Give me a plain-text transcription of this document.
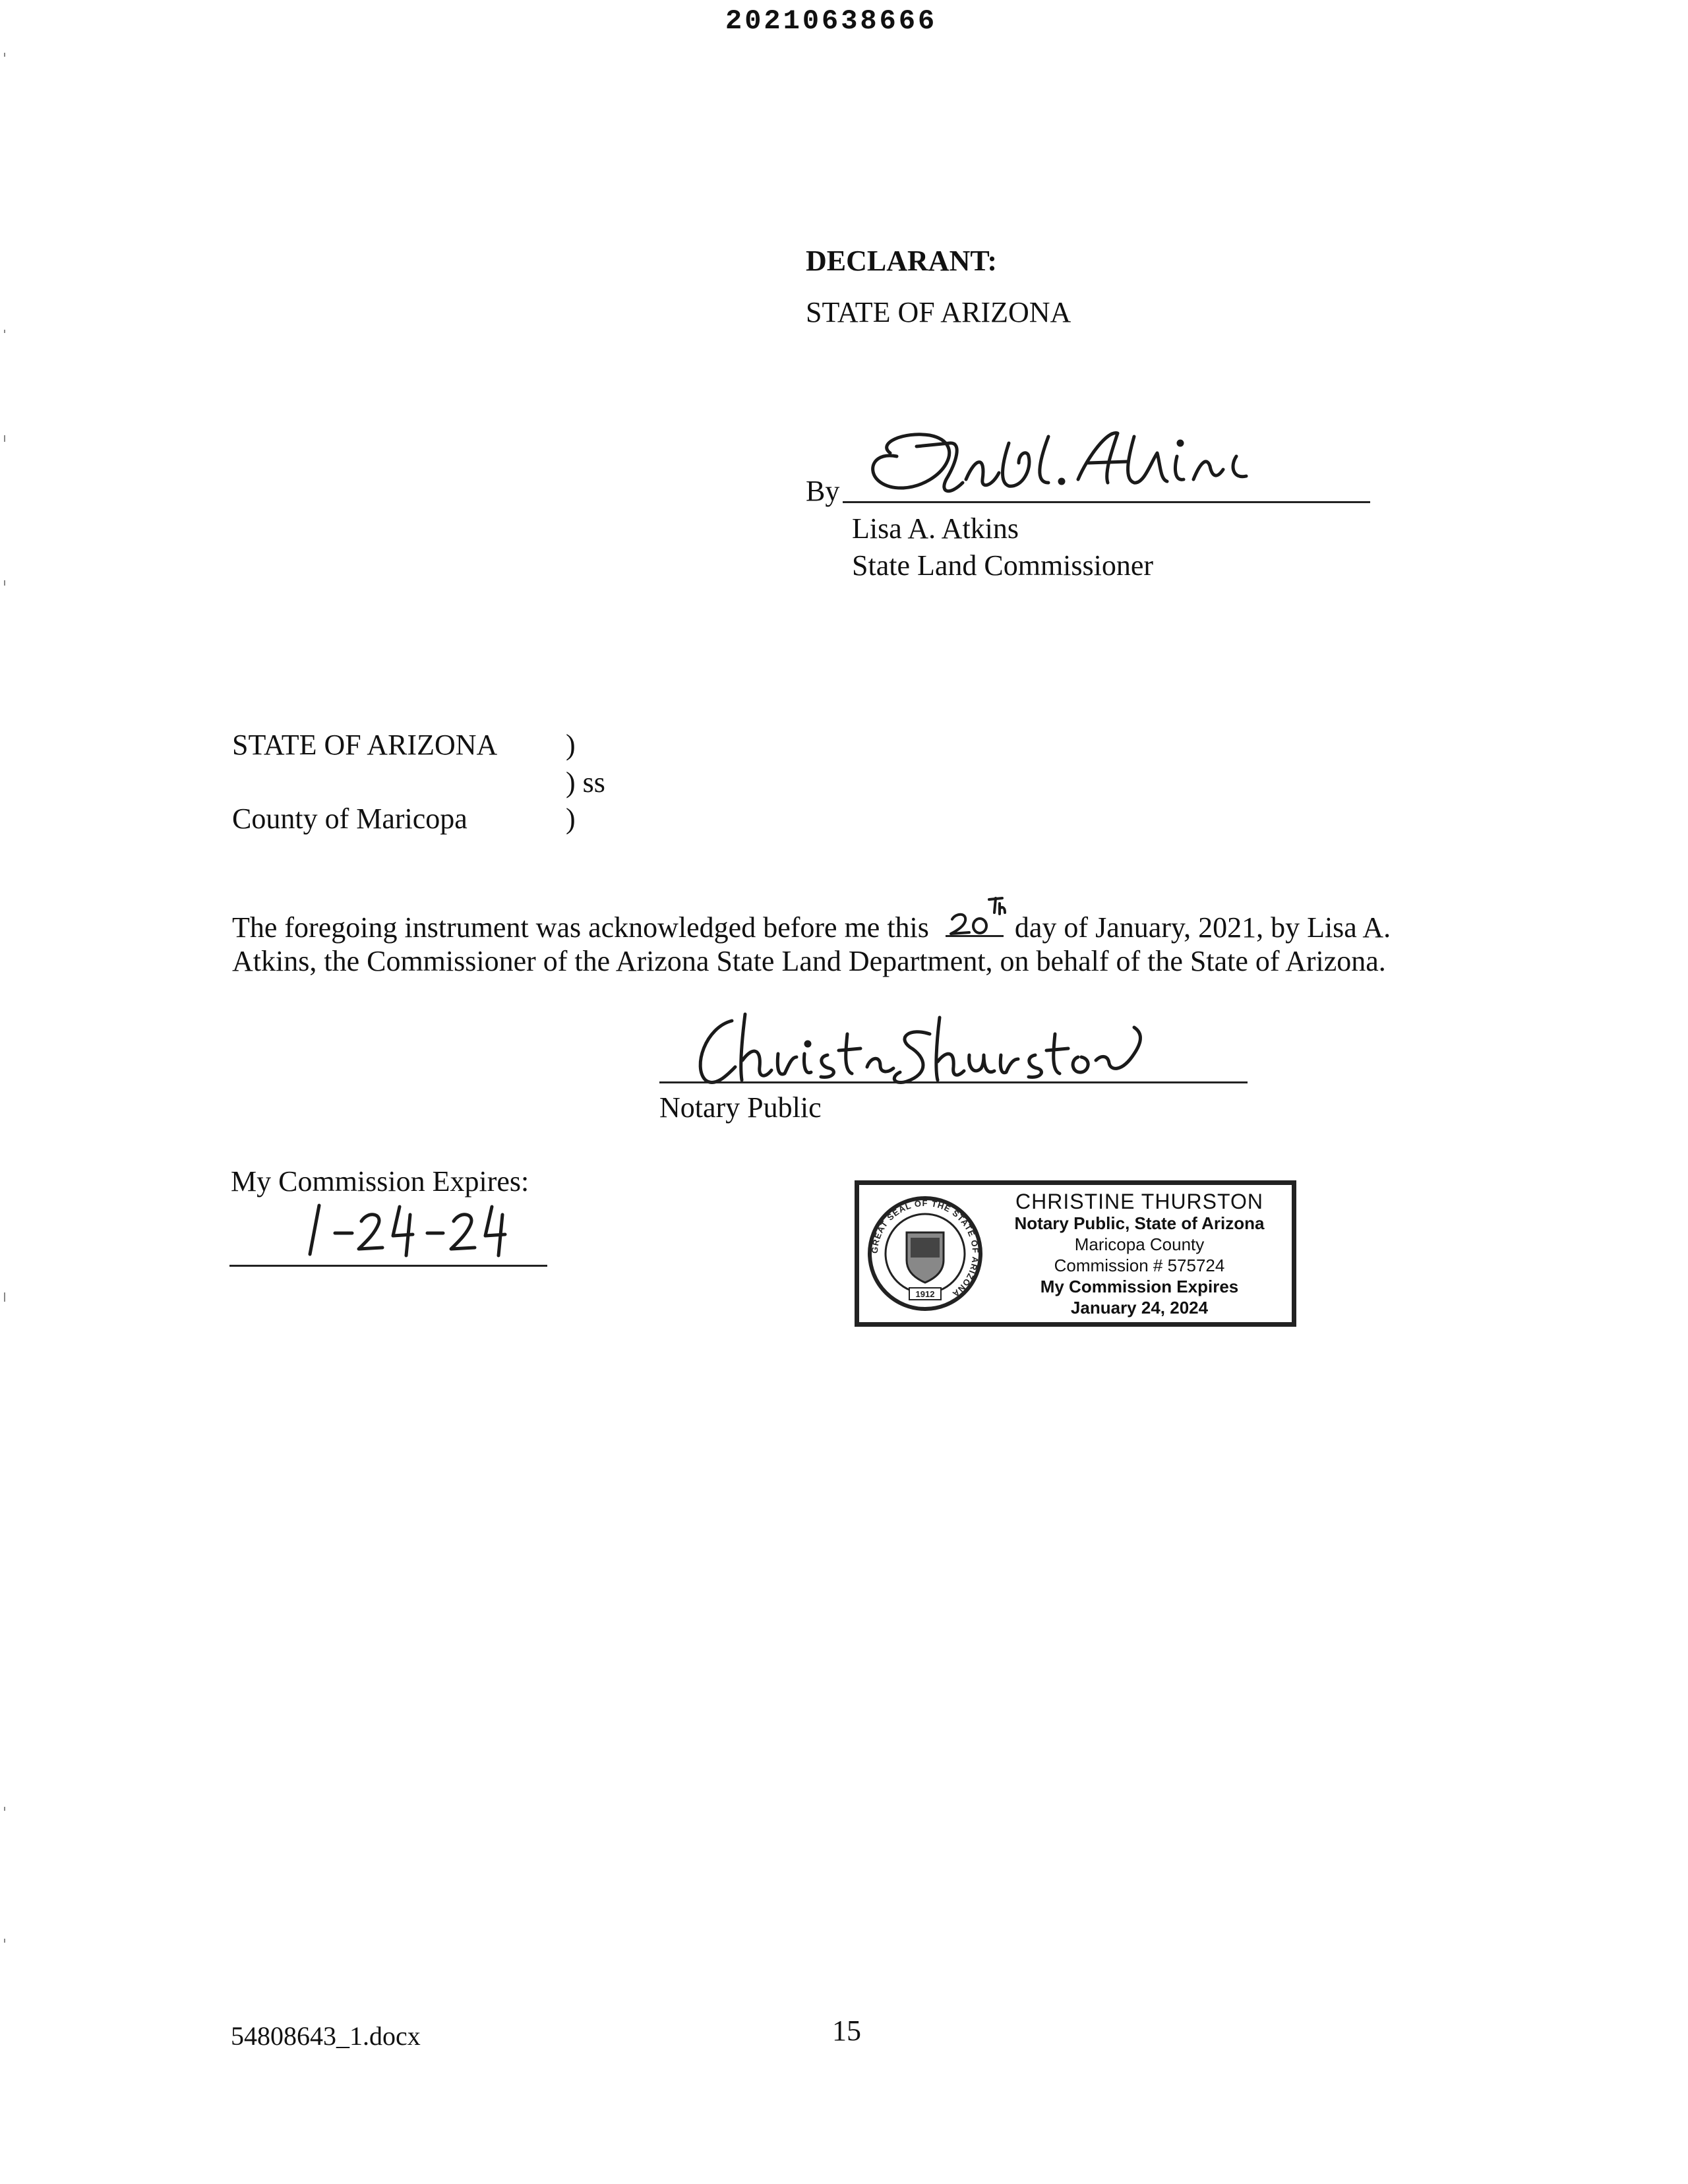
20210638666
DECLARANT:
STATE OF ARIZONA
By
Lisa A. Atkins
State Land Commissioner
STATE OF ARIZONA )
) ss
County of Maricopa	)
The foregoing instrument was acknowledged before me this	day of January, 2021, by Lisa A.
Atkins, the Commissioner of the Arizona State Land Department, on behalf of the State of Arizona.
Notary Public
My Commission Expires:
GREAT SEAL OF THE STATE OF ARIZONA
1912
CHRISTINE THURSTON
Notary Public, State of Arizona
Maricopa County
Commission # 575724
My Commission Expires
January 24, 2024
54808643_1.docx	15
